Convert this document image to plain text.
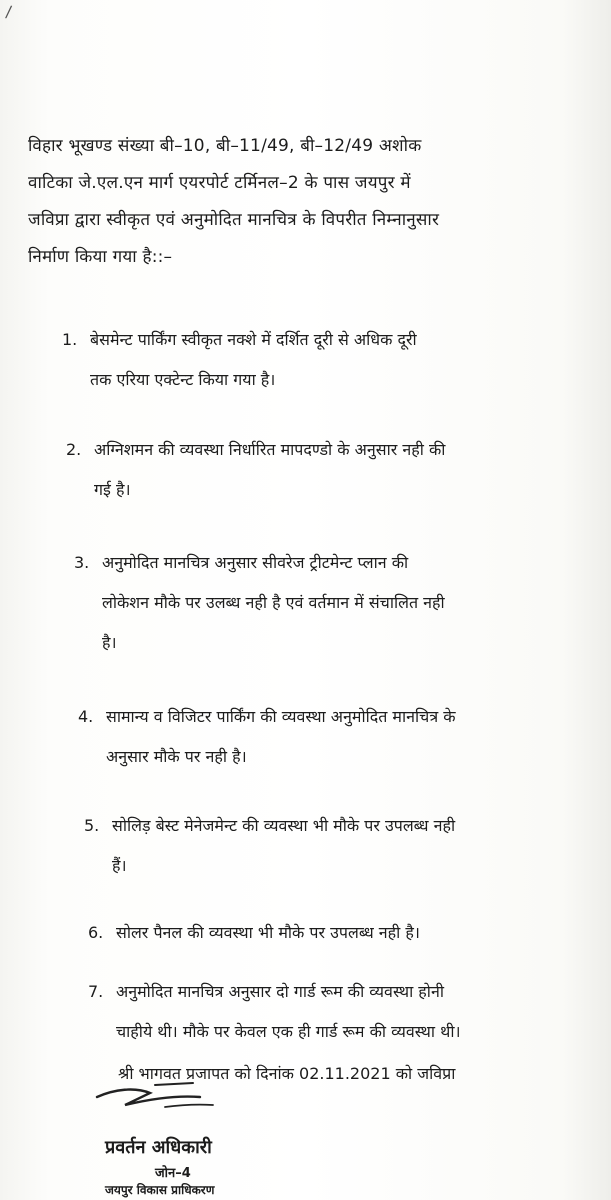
/

विहार भूखण्ड संख्या बी–10, बी–11/49, बी–12/49 अशोक

वाटिका जे.एल.एन मार्ग एयरपोर्ट टर्मिनल–2 के पास जयपुर में

जविप्रा द्वारा स्वीकृत एवं अनुमोदित मानचित्र के विपरीत निम्नानुसार

निर्माण किया गया है::–

1. बेसमेन्ट पार्किंग स्वीकृत नक्शे में दर्शित दूरी से अधिक दूरी
तक एरिया एक्टेन्ट किया गया है।
2. अग्निशमन की व्यवस्था निर्धारित मापदण्डो के अनुसार नही की
गई है।
3. अनुमोदित मानचित्र अनुसार सीवरेज ट्रीटमेन्ट प्लान की
लोकेशन मौके पर उलब्ध नही है एवं वर्तमान में संचालित नही
है।
4. सामान्य व विजिटर पार्किंग की व्यवस्था अनुमोदित मानचित्र के
अनुसार मौके पर नही है।
5. सोलिड़ बेस्ट मेनेजमेन्ट की व्यवस्था भी मौके पर उपलब्ध नही
हैं।
6. सोलर पैनल की व्यवस्था भी मौके पर उपलब्ध नही है।
7. अनुमोदित मानचित्र अनुसार दो गार्ड रूम की व्यवस्था होनी
चाहीये थी। मौके पर केवल एक ही गार्ड रूम की व्यवस्था थी।
श्री भागवत प्रजापत को दिनांक 02.11.2021 को जविप्रा
प्रवर्तन अधिकारी
जोन–4
जयपुर विकास प्राधिकरण
